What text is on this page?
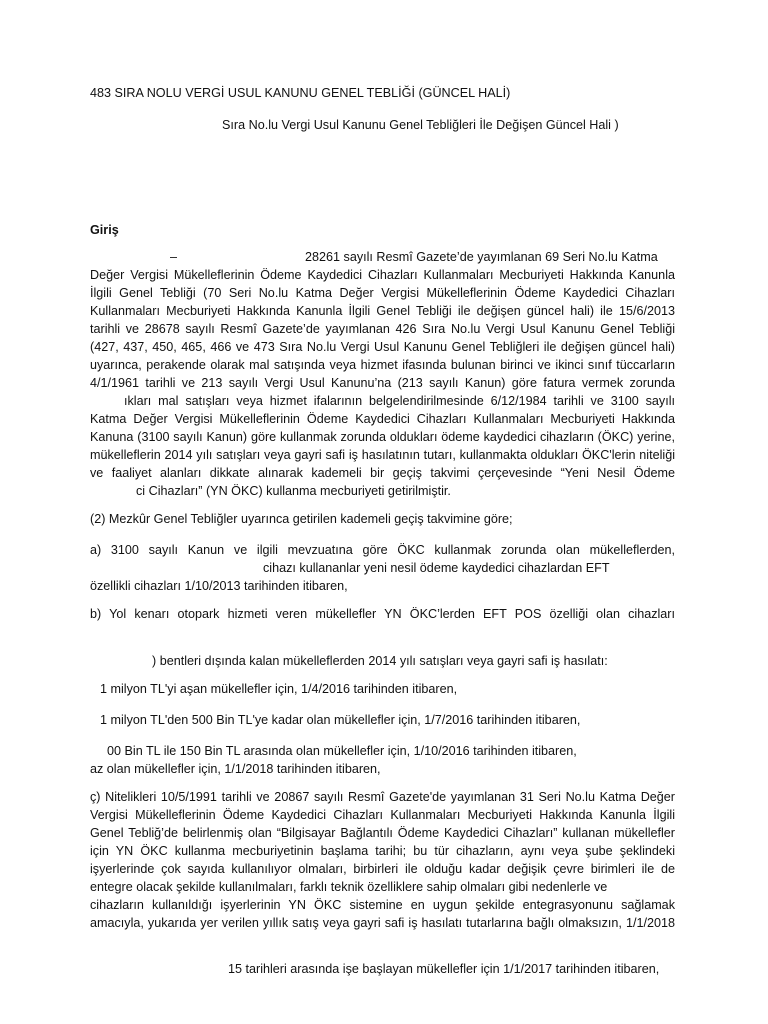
483 SIRA NOLU VERGİ USUL KANUNU GENEL TEBLİĞİ (GÜNCEL HALİ)
Sıra No.lu Vergi Usul Kanunu Genel Tebliğleri İle Değişen Güncel Hali )
Giriş
–	28261 sayılı Resmî Gazete’de yayımlanan 69 Seri No.lu Katma
Değer Vergisi Mükelleflerinin Ödeme Kaydedici Cihazları Kullanmaları Mecburiyeti Hakkında Kanunla
İlgili Genel Tebliği (70 Seri No.lu Katma Değer Vergisi Mükelleflerinin Ödeme Kaydedici Cihazları
Kullanmaları Mecburiyeti Hakkında Kanunla İlgili Genel Tebliği ile değişen güncel hali) ile 15/6/2013
tarihli ve 28678 sayılı Resmî Gazete’de yayımlanan 426 Sıra No.lu Vergi Usul Kanunu Genel Tebliği
(427, 437, 450, 465, 466 ve 473 Sıra No.lu Vergi Usul Kanunu Genel Tebliğleri ile değişen güncel hali)
uyarınca, perakende olarak mal satışında veya hizmet ifasında bulunan birinci ve ikinci sınıf tüccarların
4/1/1961 tarihli ve 213 sayılı Vergi Usul Kanunu’na (213 sayılı Kanun) göre fatura vermek zorunda
ıkları mal satışları veya hizmet ifalarının belgelendirilmesinde 6/12/1984 tarihli ve 3100 sayılı
Katma Değer Vergisi Mükelleflerinin Ödeme Kaydedici Cihazları Kullanmaları Mecburiyeti Hakkında
Kanuna (3100 sayılı Kanun) göre kullanmak zorunda oldukları ödeme kaydedici cihazların (ÖKC) yerine,
mükelleflerin 2014 yılı satışları veya gayri safi iş hasılatının tutarı, kullanmakta oldukları ÖKC'lerin niteliği
ve faaliyet alanları dikkate alınarak kademeli bir geçiş takvimi çerçevesinde “Yeni Nesil Ödeme
ci Cihazları” (YN ÖKC) kullanma mecburiyeti getirilmiştir.
(2) Mezkûr Genel Tebliğler uyarınca getirilen kademeli geçiş takvimine göre;
a) 3100 sayılı Kanun ve ilgili mevzuatına göre ÖKC kullanmak zorunda olan mükelleflerden,
cihazı kullananlar yeni nesil ödeme kaydedici cihazlardan EFT
özellikli cihazları 1/10/2013 tarihinden itibaren,
b) Yol kenarı otopark hizmeti veren mükellefler YN ÖKC’lerden EFT POS özelliği olan cihazları
) bentleri dışında kalan mükelleflerden 2014 yılı satışları veya gayri safi iş hasılatı:
1 milyon TL'yi aşan mükellefler için, 1/4/2016 tarihinden itibaren,
1 milyon TL'den 500 Bin TL'ye kadar olan mükellefler için, 1/7/2016 tarihinden itibaren,
00 Bin TL ile 150 Bin TL arasında olan mükellefler için, 1/10/2016 tarihinden itibaren,
az olan mükellefler için, 1/1/2018 tarihinden itibaren,
ç) Nitelikleri 10/5/1991 tarihli ve 20867 sayılı Resmî Gazete'de yayımlanan 31 Seri No.lu Katma Değer
Vergisi Mükelleflerinin Ödeme Kaydedici Cihazları Kullanmaları Mecburiyeti Hakkında Kanunla İlgili
Genel Tebliğ’de belirlenmiş olan “Bilgisayar Bağlantılı Ödeme Kaydedici Cihazları” kullanan mükellefler
için YN ÖKC kullanma mecburiyetinin başlama tarihi; bu tür cihazların, aynı veya şube şeklindeki
işyerlerinde çok sayıda kullanılıyor olmaları, birbirleri ile olduğu kadar değişik çevre birimleri ile de
entegre olacak şekilde kullanılmaları, farklı teknik özelliklere sahip olmaları gibi nedenlerle ve
cihazların kullanıldığı işyerlerinin YN ÖKC sistemine en uygun şekilde entegrasyonunu sağlamak
amacıyla, yukarıda yer verilen yıllık satış veya gayri safi iş hasılatı tutarlarına bağlı olmaksızın, 1/1/2018
15 tarihleri arasında işe başlayan mükellefler için 1/1/2017 tarihinden itibaren,
